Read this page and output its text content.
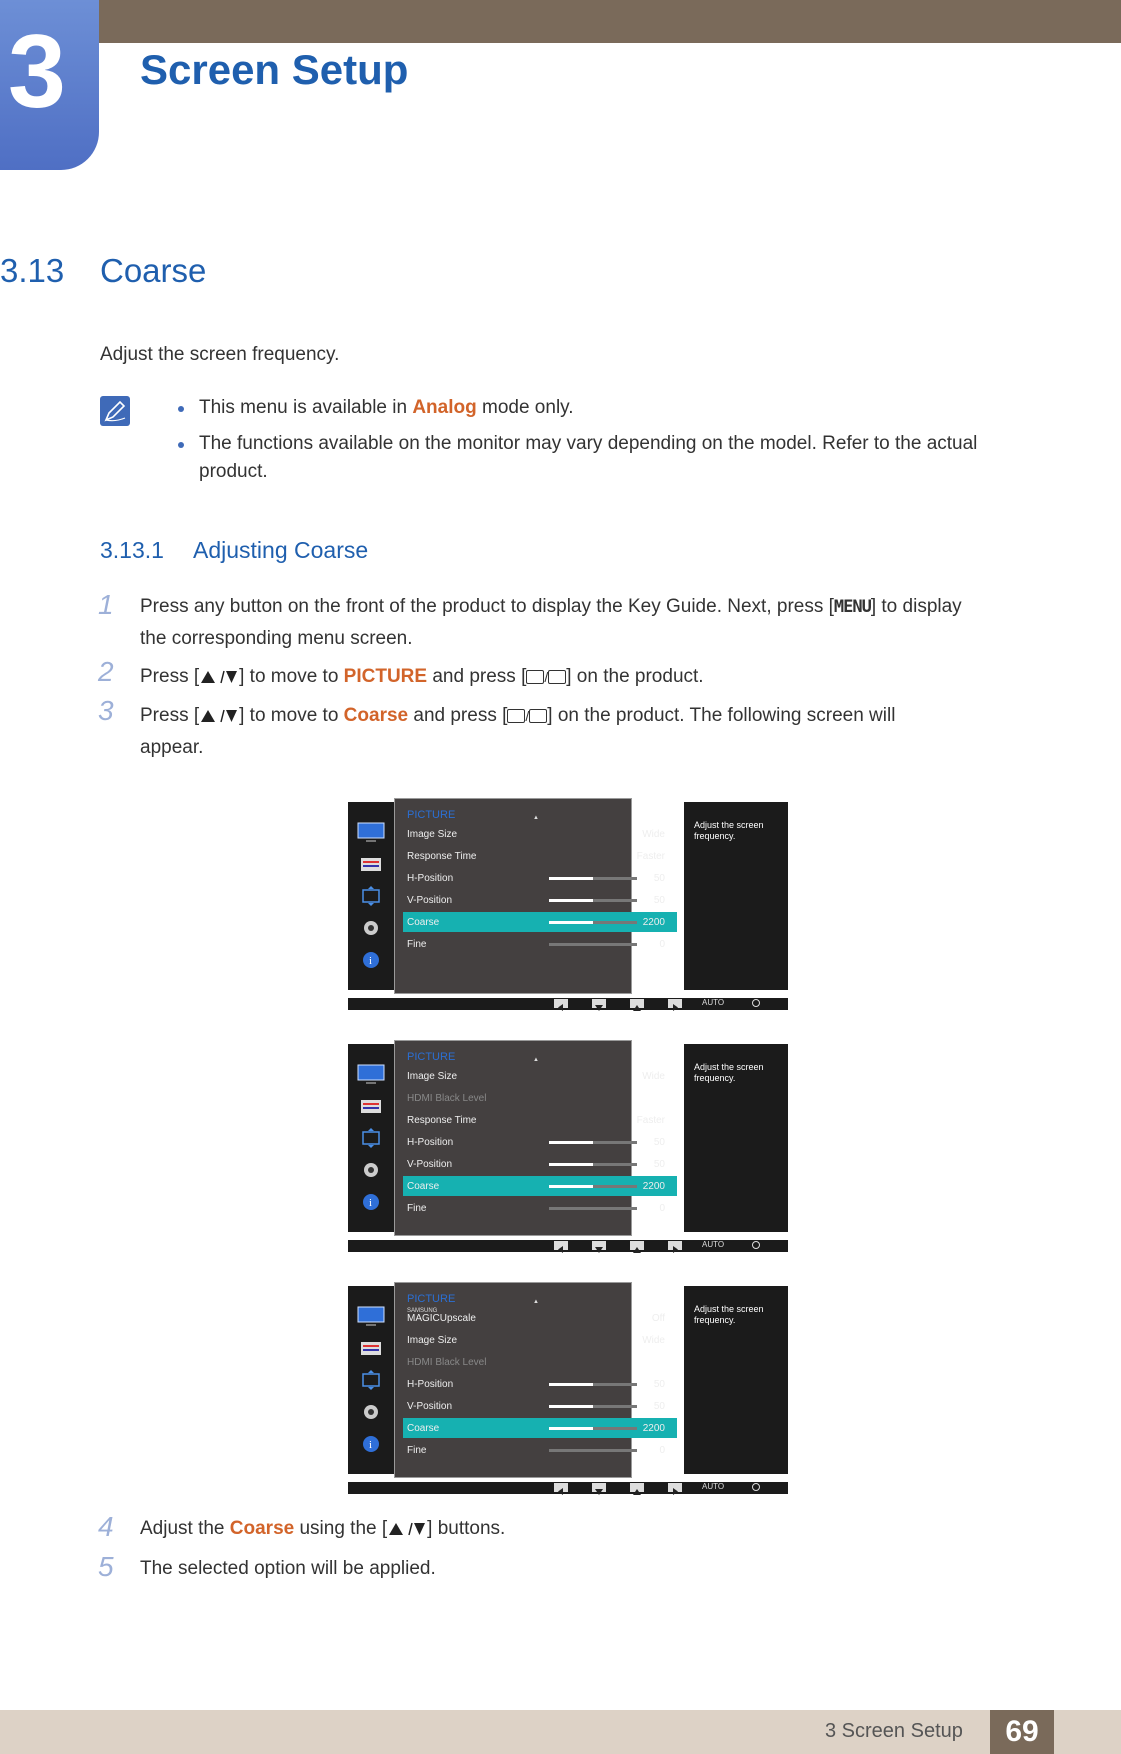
3 Screen Setup
3.13 Coarse
Adjust the screen frequency.
This menu is available in Analog mode only.
The functions available on the monitor may vary depending on the model. Refer to the actual
product.
3.13.1 Adjusting Coarse
1 Press any button on the front of the product to display the Key Guide. Next, press [MENU] to display
the corresponding menu screen.
2 Press [ ] to move to PICTURE and press [ / ] on the product.
3 Press [ ] to move to Coarse and press [ / ] on the product. The following screen will
appear.
i
PICTURE	▲
Image Size	Wide
Response Time	Faster
H-Position	50
V-Position	50
Coarse	2200
Fine	0
Adjust the screen frequency.
AUTO
i
PICTURE	▲
Image Size	Wide
HDMI Black Level
Response Time	Faster
H-Position	50
V-Position	50
Coarse	2200
Fine	0
Adjust the screen frequency.
AUTO
i
PICTURE	▲
SAMSUNG
MAGICUpscale	Off
Image Size	Wide
HDMI Black Level
H-Position	50
V-Position	50
Coarse	2200
Fine	0
Adjust the screen frequency.
AUTO
4 Adjust the Coarse using the [ ] buttons.
5 The selected option will be applied.
3 Screen Setup	69
